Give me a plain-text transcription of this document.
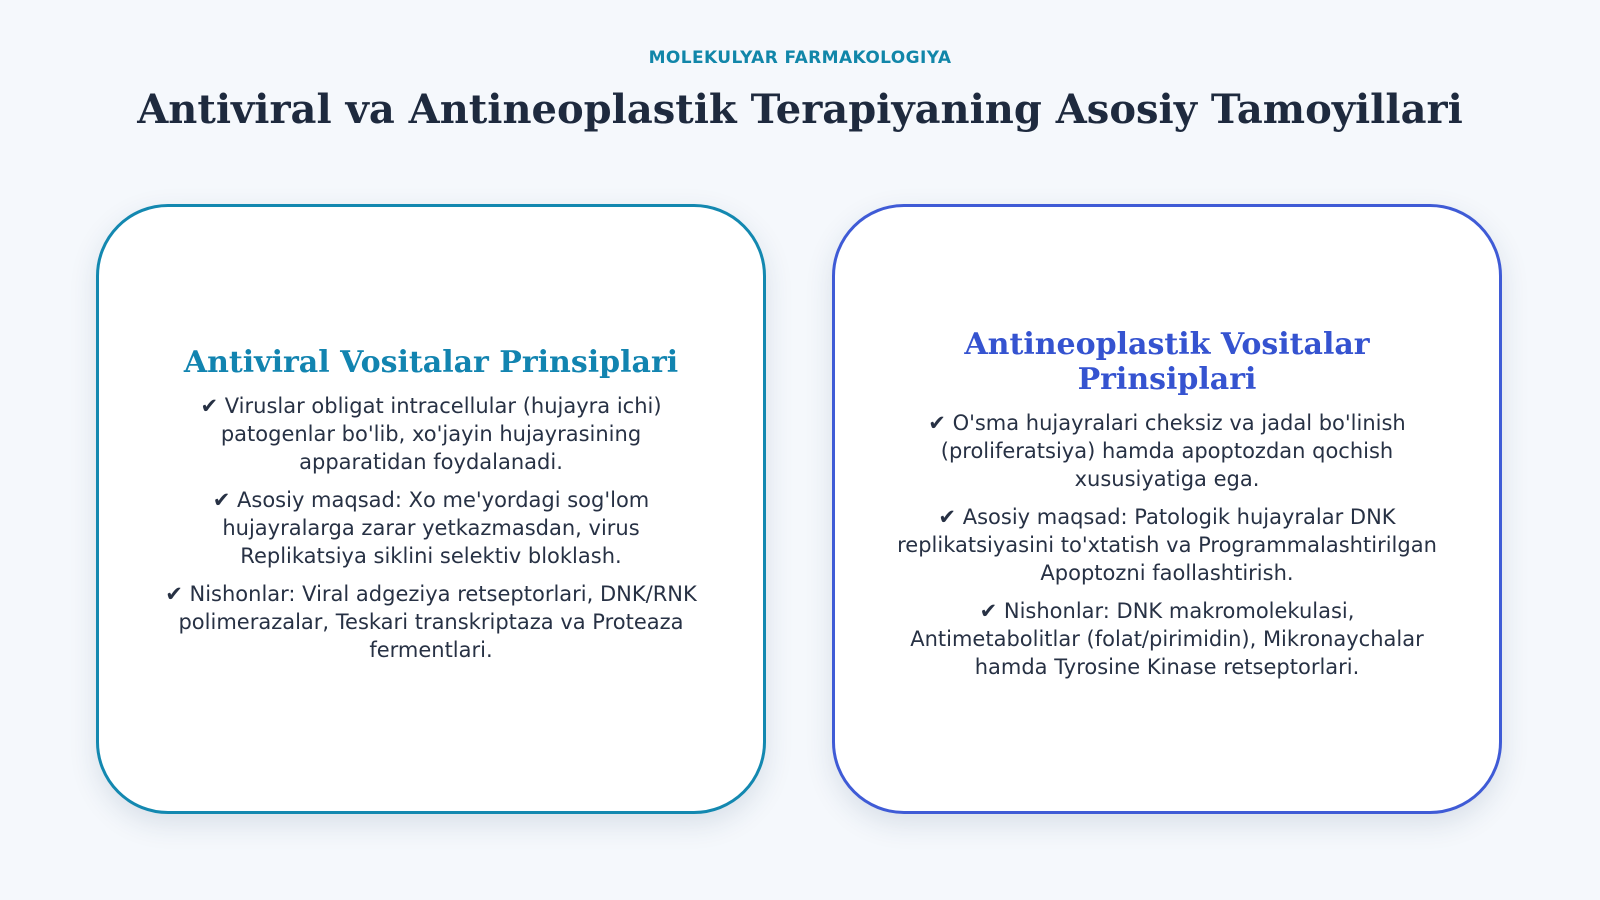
MOLEKULYAR FARMAKOLOGIYA
Antiviral va Antineoplastik Terapiyaning Asosiy Tamoyillari
Antiviral Vositalar Prinsiplari
✔ Viruslar obligat intracellular (hujayra ichi) patogenlar bo'lib, xo'jayin hujayrasining apparatidan foydalanadi.
✔ Asosiy maqsad: Xo me'yordagi sog'lom hujayralarga zarar yetkazmasdan, virus Replikatsiya siklini selektiv bloklash.
✔ Nishonlar: Viral adgeziya retseptorlari, DNK/RNK polimerazalar, Teskari transkriptaza va Proteaza fermentlari.
Antineoplastik Vositalar Prinsiplari
✔ O'sma hujayralari cheksiz va jadal bo'linish (proliferatsiya) hamda apoptozdan qochish xususiyatiga ega.
✔ Asosiy maqsad: Patologik hujayralar DNK replikatsiyasini to'xtatish va Programmalashtirilgan Apoptozni faollashtirish.
✔ Nishonlar: DNK makromolekulasi, Antimetabolitlar (folat/pirimidin), Mikronaychalar hamda Tyrosine Kinase retseptorlari.
